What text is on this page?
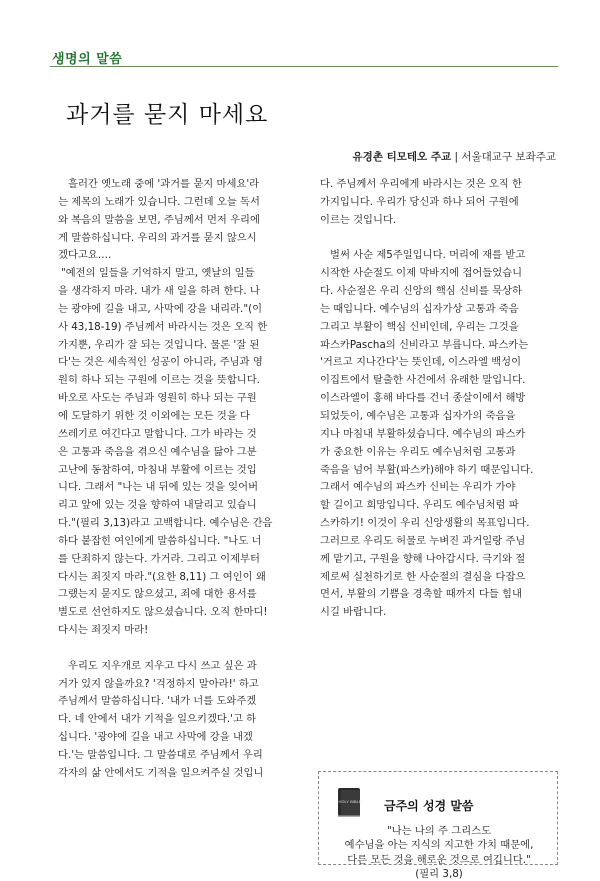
생명의 말씀
과거를 묻지 마세요
유경촌 티모테오 주교 | 서울대교구 보좌주교
흘러간 옛노래 중에 '과거를 묻지 마세요'라
는 제목의 노래가 있습니다. 그런데 오늘 독서
와 복음의 말씀을 보면, 주님께서 먼저 우리에
게 말씀하십니다. 우리의 과거를 묻지 않으시
겠다고요….
"예전의 일들을 기억하지 말고, 옛날의 일들
을 생각하지 마라. 내가 새 일을 하려 한다. 나
는 광야에 길을 내고, 사막에 강을 내리라."(이
사 43,18-19) 주님께서 바라시는 것은 오직 한
가지뿐, 우리가 잘 되는 것입니다. 물론 '잘 된
다'는 것은 세속적인 성공이 아니라, 주님과 영
원히 하나 되는 구원에 이르는 것을 뜻합니다.
바오로 사도는 주님과 영원히 하나 되는 구원
에 도달하기 위한 것 이외에는 모든 것을 다
쓰레기로 여긴다고 말합니다. 그가 바라는 것
은 고통과 죽음을 겪으신 예수님을 닮아 그분
고난에 동참하여, 마침내 부활에 이르는 것입
니다. 그래서 "나는 내 뒤에 있는 것을 잊어버
리고 앞에 있는 것을 향하여 내달리고 있습니
다."(필리 3,13)라고 고백합니다. 예수님은 간음
하다 붙잡힌 여인에게 말씀하십니다. "나도 너
를 단죄하지 않는다. 가거라. 그리고 이제부터
다시는 죄짓지 마라."(요한 8,11) 그 여인이 왜
그랬는지 묻지도 않으셨고, 죄에 대한 용서를
별도로 선언하지도 않으셨습니다. 오직 한마디!
다시는 죄짓지 마라!
우리도 지우개로 지우고 다시 쓰고 싶은 과
거가 있지 않을까요? '걱정하지 말아라!' 하고
주님께서 말씀하십니다. '내가 너를 도와주겠
다. 네 안에서 내가 기적을 일으키겠다.'고 하
십니다. '광야에 길을 내고 사막에 강을 내겠
다.'는 말씀입니다. 그 말씀대로 주님께서 우리
각자의 삶 안에서도 기적을 일으켜주실 것입니
다. 주님께서 우리에게 바라시는 것은 오직 한
가지입니다. 우리가 당신과 하나 되어 구원에
이르는 것입니다.
벌써 사순 제5주일입니다. 머리에 재를 받고
시작한 사순절도 이제 막바지에 접어들었습니
다. 사순절은 우리 신앙의 핵심 신비를 묵상하
는 때입니다. 예수님의 십자가상 고통과 죽음
그리고 부활이 핵심 신비인데, 우리는 그것을
파스카Pascha의 신비라고 부릅니다. 파스카는
'거르고 지나간다'는 뜻인데, 이스라엘 백성이
이집트에서 탈출한 사건에서 유래한 말입니다.
이스라엘이 홍해 바다를 건너 종살이에서 해방
되었듯이, 예수님은 고통과 십자가의 죽음을
지나 마침내 부활하셨습니다. 예수님의 파스카
가 중요한 이유는 우리도 예수님처럼 고통과
죽음을 넘어 부활(파스카)해야 하기 때문입니다.
그래서 예수님의 파스카 신비는 우리가 가야
할 길이고 희망입니다. 우리도 예수님처럼 파
스카하기! 이것이 우리 신앙생활의 목표입니다.
그러므로 우리도 허물로 누벼진 과거일랑 주님
께 맡기고, 구원을 향해 나아갑시다. 극기와 절
제로써 실천하기로 한 사순절의 결심을 다잡으
면서, 부활의 기쁨을 경축할 때까지 다들 힘내
시길 바랍니다.
HOLY BIBLE 금주의 성경 말씀
"나는 나의 주 그리스도
예수님을 아는 지식의 지고한 가치 때문에,
다른 모든 것을 해로운 것으로 여깁니다."
(필리 3,8)
